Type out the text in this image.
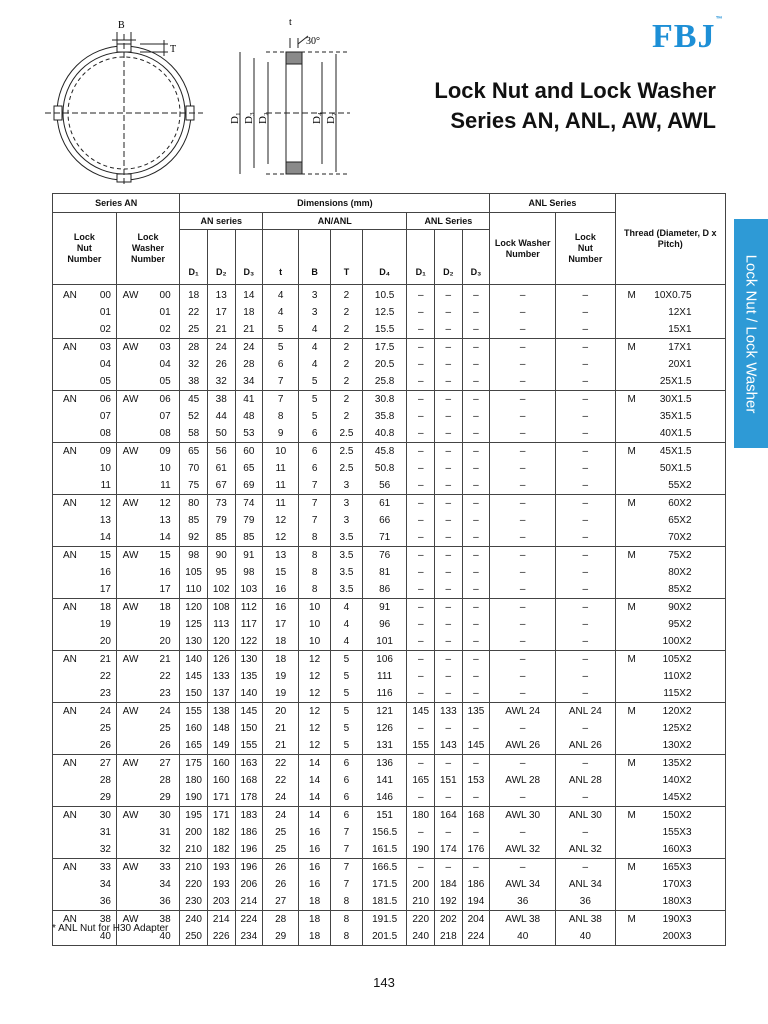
FBJ™
Lock Nut and Lock Washer
Series AN, ANL, AW, AWL
Lock Nut / Lock Washer
B
T
t
30°
D₁ D₃ D₂	D₄ D₇
Series AN		Dimensions (mm)										ANL Series		Thread (Diameter, D x Pitch)
Lock Nut Number	Lock Washer Number	AN series			AN/ANL				ANL Series			Lock Washer Number	Lock Nut Number	
		D₁	D₂	D₃	t	B	T	D₄	D₁	D₂	D₃			
AN 00	AW 00	18	13	14	4	3	2	10.5	–	–	–	–	–	M 10X0.75
01	01	22	17	18	4	3	2	12.5	–	–	–	–	–	12X1
02	02	25	21	21	5	4	2	15.5	–	–	–	–	–	15X1
AN 03	AW 03	28	24	24	5	4	2	17.5	–	–	–	–	–	M 17X1
04	04	32	26	28	6	4	2	20.5	–	–	–	–	–	20X1
05	05	38	32	34	7	5	2	25.8	–	–	–	–	–	25X1.5
AN 06	AW 06	45	38	41	7	5	2	30.8	–	–	–	–	–	M 30X1.5
07	07	52	44	48	8	5	2	35.8	–	–	–	–	–	35X1.5
08	08	58	50	53	9	6	2.5	40.8	–	–	–	–	–	40X1.5
AN 09	AW 09	65	56	60	10	6	2.5	45.8	–	–	–	–	–	M 45X1.5
10	10	70	61	65	11	6	2.5	50.8	–	–	–	–	–	50X1.5
11	11	75	67	69	11	7	3	56	–	–	–	–	–	55X2
AN 12	AW 12	80	73	74	11	7	3	61	–	–	–	–	–	M 60X2
13	13	85	79	79	12	7	3	66	–	–	–	–	–	65X2
14	14	92	85	85	12	8	3.5	71	–	–	–	–	–	70X2
AN 15	AW 15	98	90	91	13	8	3.5	76	–	–	–	–	–	M 75X2
16	16	105	95	98	15	8	3.5	81	–	–	–	–	–	80X2
17	17	110	102	103	16	8	3.5	86	–	–	–	–	–	85X2
AN 18	AW 18	120	108	112	16	10	4	91	–	–	–	–	–	M 90X2
19	19	125	113	117	17	10	4	96	–	–	–	–	–	95X2
20	20	130	120	122	18	10	4	101	–	–	–	–	–	100X2
AN 21	AW 21	140	126	130	18	12	5	106	–	–	–	–	–	M 105X2
22	22	145	133	135	19	12	5	111	–	–	–	–	–	110X2
23	23	150	137	140	19	12	5	116	–	–	–	–	–	115X2
AN 24	AW 24	155	138	145	20	12	5	121	145	133	135	AWL 24	ANL 24	M 120X2
25	25	160	148	150	21	12	5	126	–	–	–	–	–	125X2
26	26	165	149	155	21	12	5	131	155	143	145	AWL 26	ANL 26	130X2
AN 27	AW 27	175	160	163	22	14	6	136	–	–	–	–	–	M 135X2
28	28	180	160	168	22	14	6	141	165	151	153	AWL 28	ANL 28	140X2
29	29	190	171	178	24	14	6	146	–	–	–	–	–	145X2
AN 30	AW 30	195	171	183	24	14	6	151	180	164	168	AWL 30	ANL 30	M 150X2
31	31	200	182	186	25	16	7	156.5	–	–	–	–	–	155X3
32	32	210	182	196	25	16	7	161.5	190	174	176	AWL 32	ANL 32	160X3
AN 33	AW 33	210	193	196	26	16	7	166.5	–	–	–	–	–	M 165X3
34	34	220	193	206	26	16	7	171.5	200	184	186	AWL 34	ANL 34	170X3
36	36	230	203	214	27	18	8	181.5	210	192	194	36	36	180X3
AN 38	AW 38	240	214	224	28	18	8	191.5	220	202	204	AWL 38	ANL 38	M 190X3
40	40	250	226	234	29	18	8	201.5	240	218	224	40	40	200X3
* ANL Nut for H30 Adapter
143
